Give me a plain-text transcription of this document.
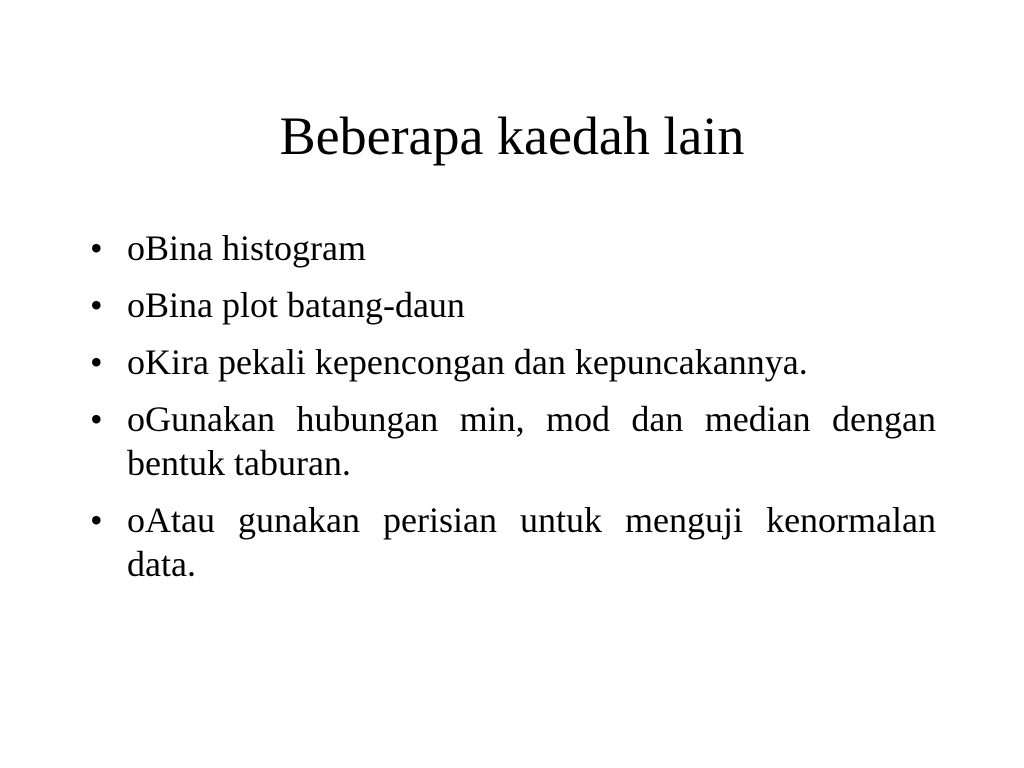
Beberapa kaedah lain
• oBina histogram
• oBina plot batang-daun
• oKira pekali kepencongan dan kepuncakannya.
• oGunakan hubungan min, mod dan median dengan bentuk taburan.
• oAtau gunakan perisian untuk menguji kenormalan data.
